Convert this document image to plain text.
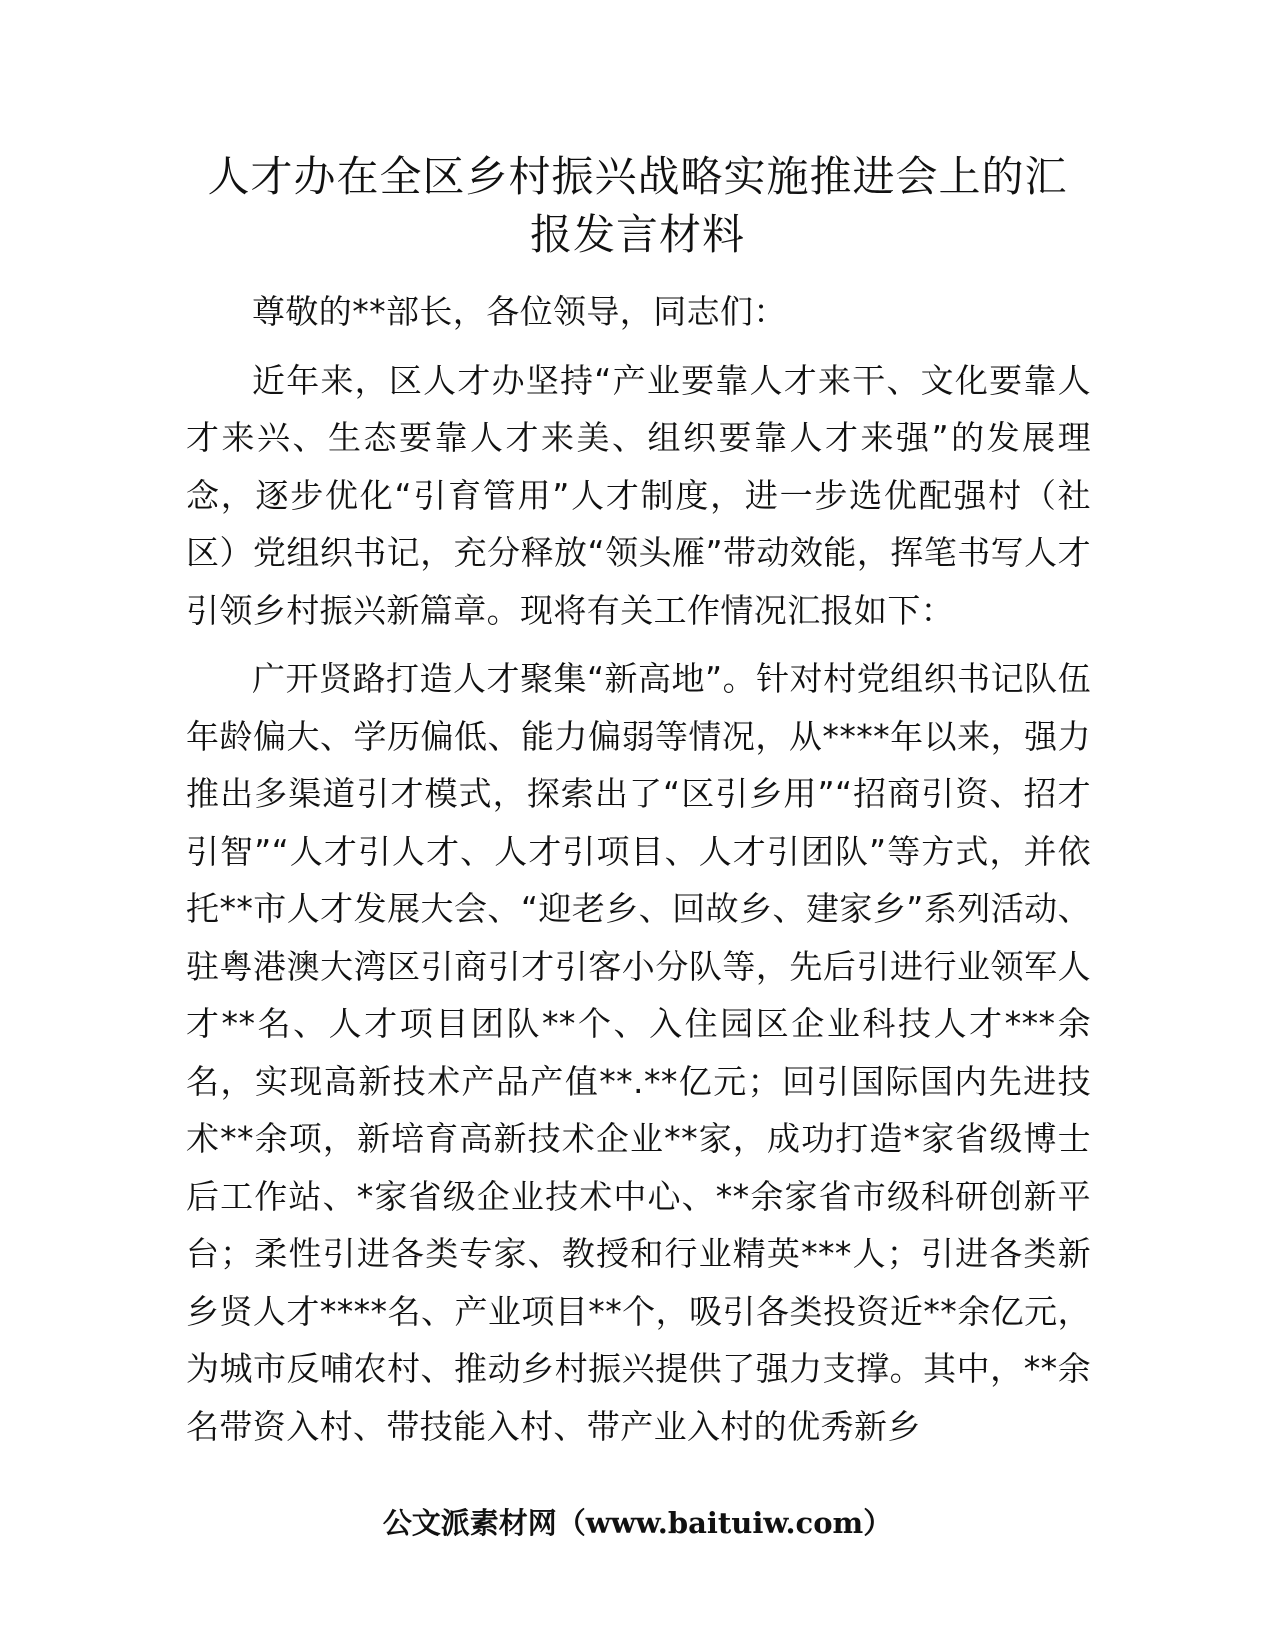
人才办在全区乡村振兴战略实施推进会上的汇
报发言材料

尊敬的**部长，各位领导，同志们：

近年来，区人才办坚持“产业要靠人才来干、文化要靠人才来兴、生态要靠人才来美、组织要靠人才来强”的发展理念，逐步优化“引育管用”人才制度，进一步选优配强村（社区）党组织书记，充分释放“领头雁”带动效能，挥笔书写人才引领乡村振兴新篇章。现将有关工作情况汇报如下：

广开贤路打造人才聚集“新高地”。针对村党组织书记队伍年龄偏大、学历偏低、能力偏弱等情况，从****年以来，强力推出多渠道引才模式，探索出了“区引乡用”“招商引资、招才引智”“人才引人才、人才引项目、人才引团队”等方式，并依托**市人才发展大会、“迎老乡、回故乡、建家乡”系列活动、驻粤港澳大湾区引商引才引客小分队等，先后引进行业领军人才**名、人才项目团队**个、入住园区企业科技人才***余名，实现高新技术产品产值**.**亿元；回引国际国内先进技术**余项，新培育高新技术企业**家，成功打造*家省级博士后工作站、*家省级企业技术中心、**余家省市级科研创新平台；柔性引进各类专家、教授和行业精英***人；引进各类新乡贤人才****名、产业项目**个，吸引各类投资近**余亿元，为城市反哺农村、推动乡村振兴提供了强力支撑。其中，**余名带资入村、带技能入村、带产业入村的优秀新乡

公文派素材网（www.baituiw.com）
